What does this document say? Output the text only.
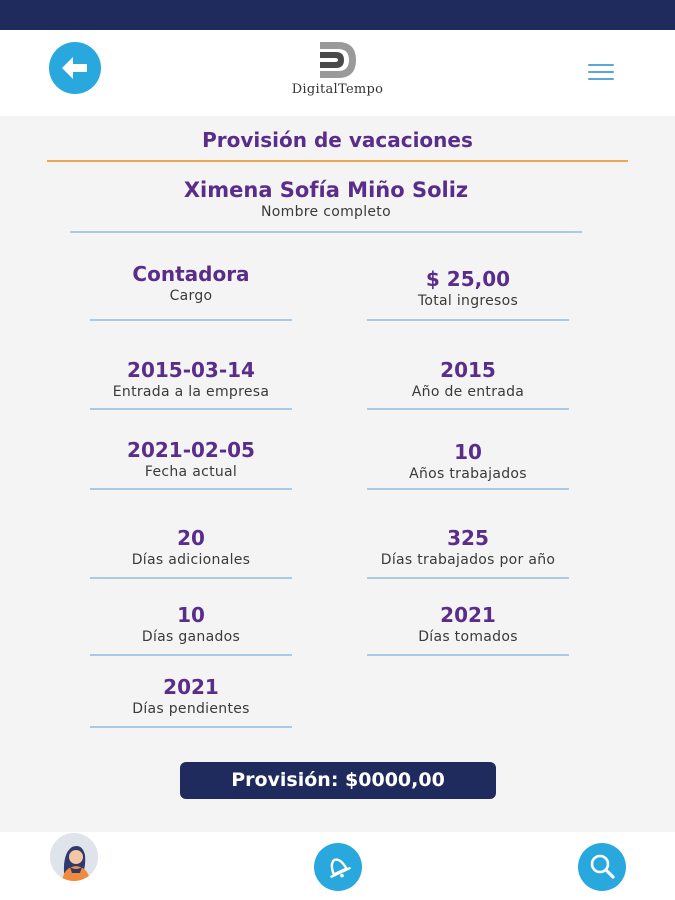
DigitalTempo
Provisión de vacaciones
Ximena Sofía Miño Soliz
Nombre completo
Contadora
Cargo
$ 25,00
Total ingresos
2015-03-14
Entrada a la empresa
2015
Año de entrada
2021-02-05
Fecha actual
10
Años trabajados
20
Días adicionales
325
Días trabajados por año
10
Días ganados
2021
Días tomados
2021
Días pendientes
Provisión: $0000,00
